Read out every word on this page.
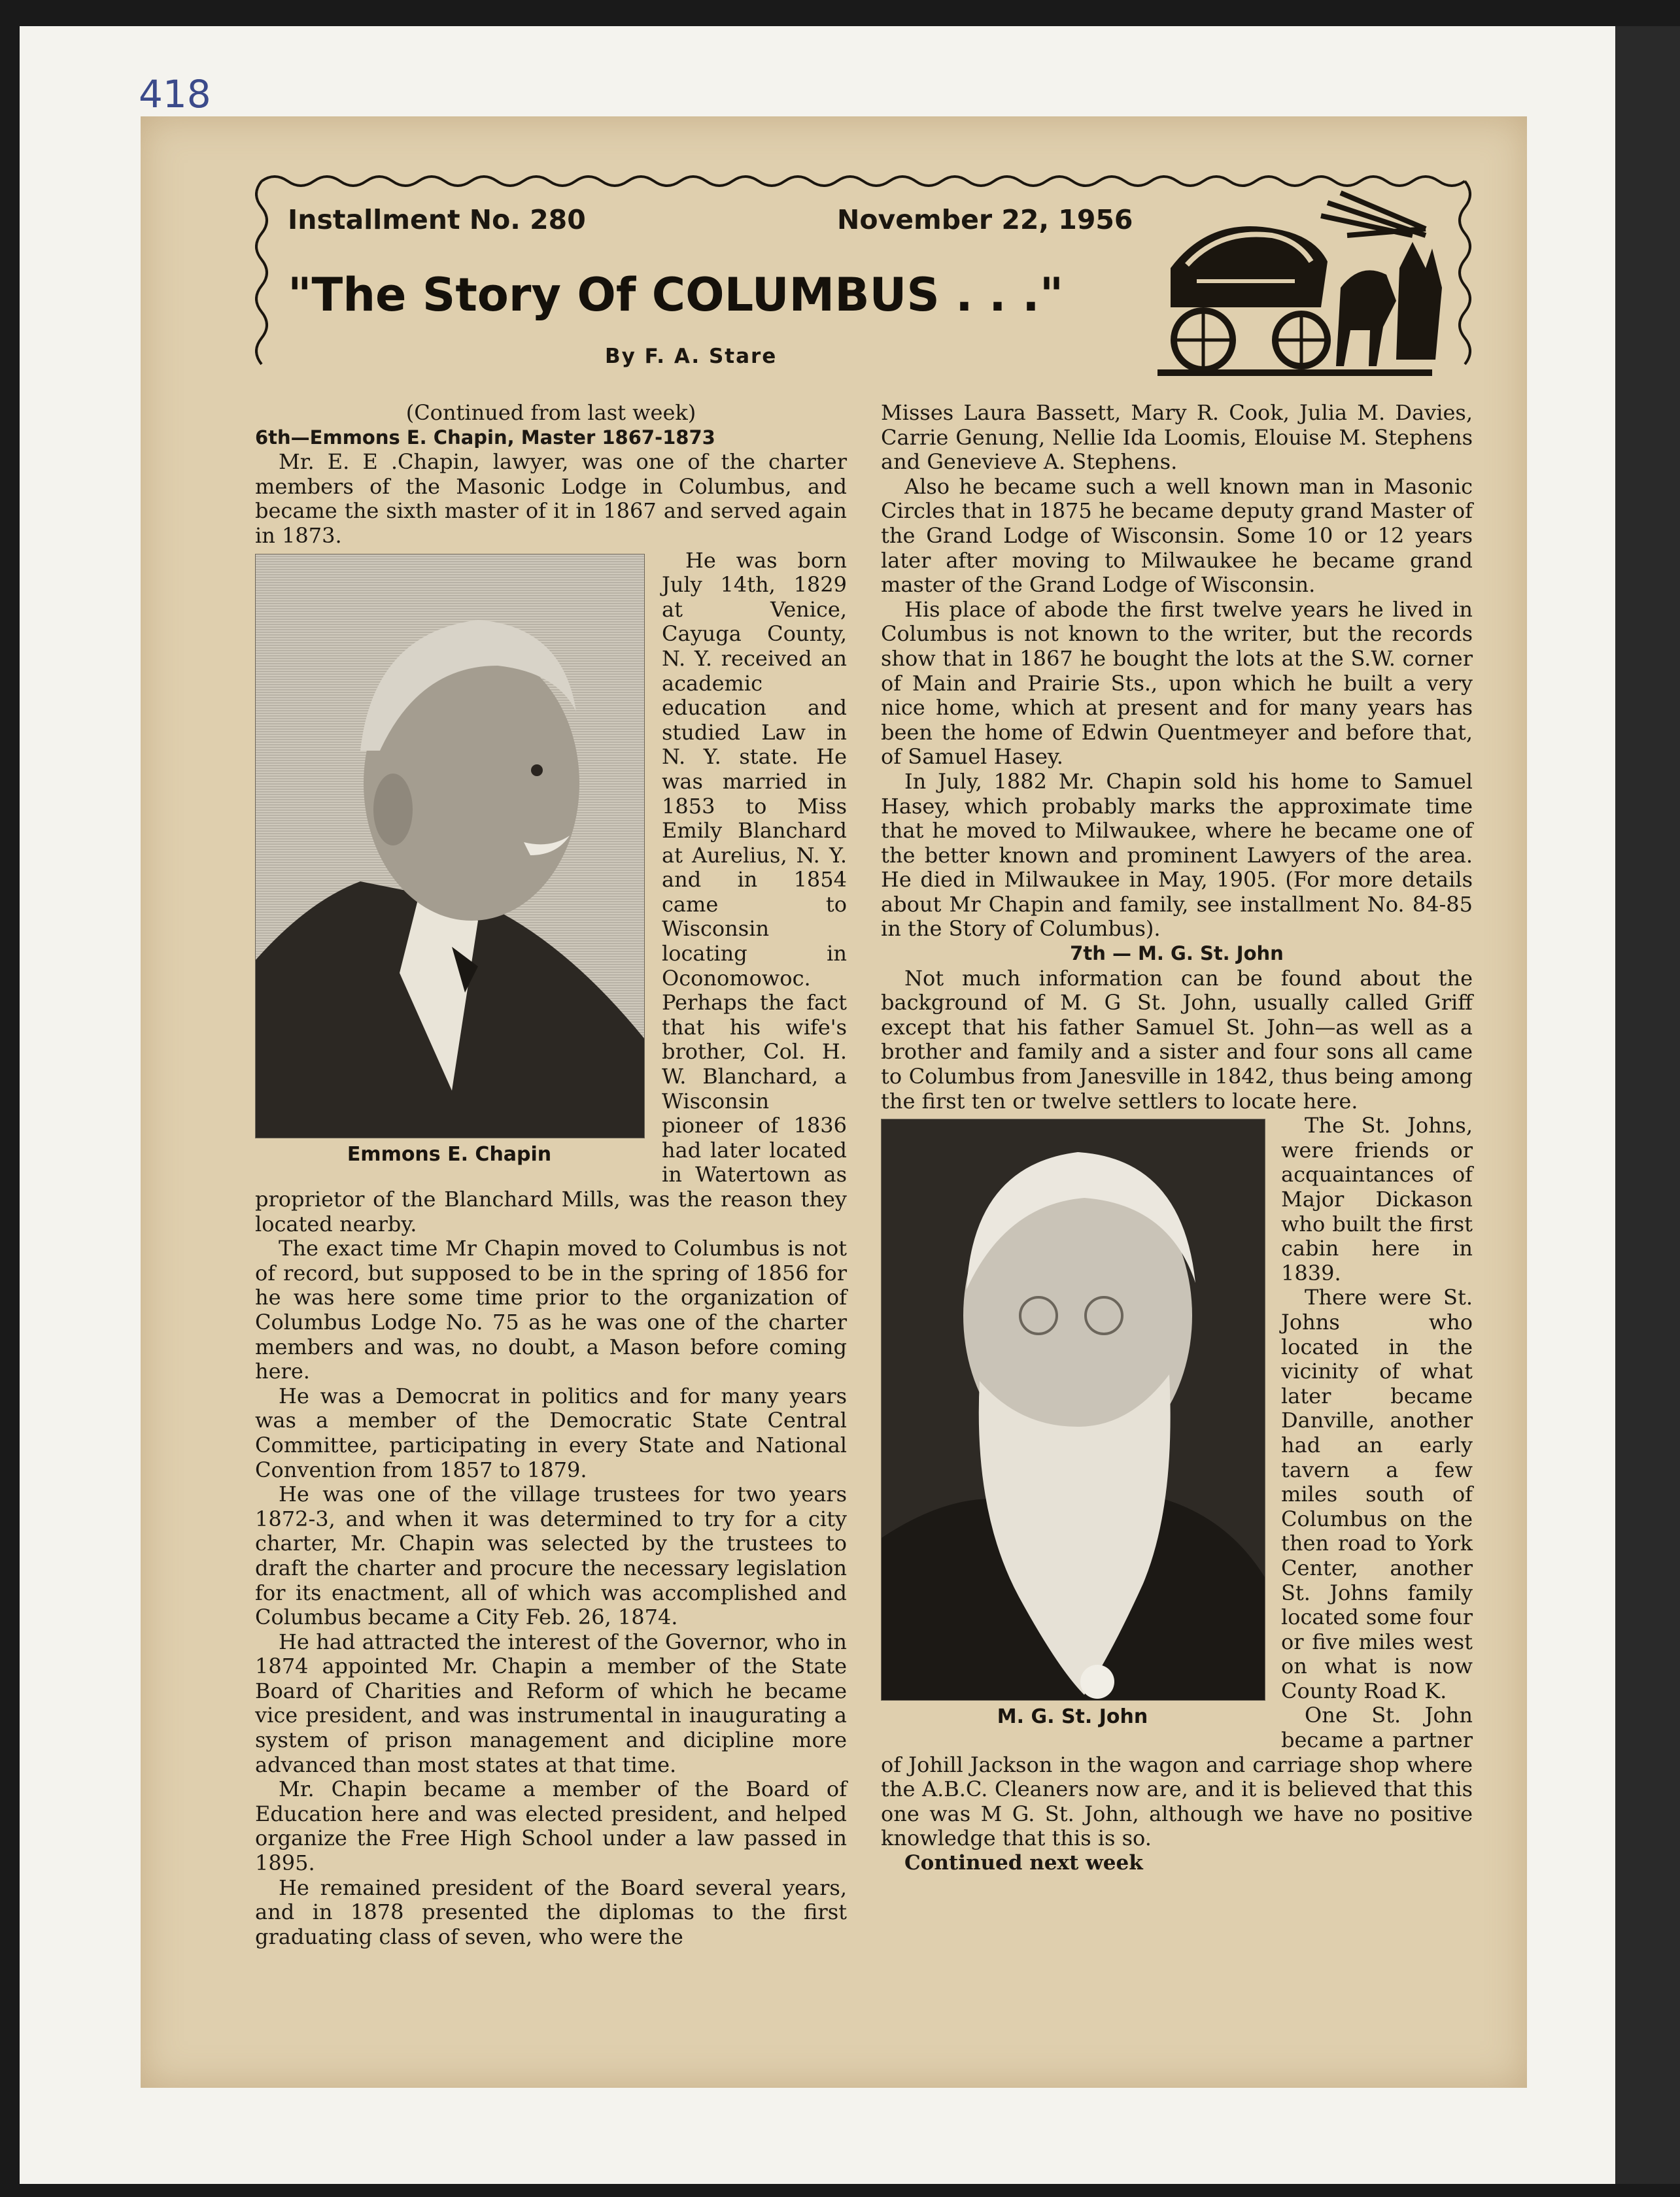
418
Installment No. 280	November 22, 1956
"The Story Of COLUMBUS . . ."
By F. A. Stare

(Continued from last week)

6th—Emmons E. Chapin, Master 1867-1873

Mr. E. E .Chapin, lawyer, was one of the charter members of the Masonic Lodge in Columbus, and became the sixth master of it in 1867 and served again in 1873.

Emmons E. Chapin

He was born July 14th, 1829 at Venice, Cayuga County, N. Y. received an academic education and studied Law in N. Y. state. He was married in 1853 to Miss Emily Blanchard at Aurelius, N. Y. and in 1854 came to Wisconsin locating in Oconomowoc. Perhaps the fact that his wife's brother, Col. H. W. Blanchard, a Wisconsin pioneer of 1836 had later located in Watertown as proprietor of the Blanchard Mills, was the reason they located nearby.

The exact time Mr Chapin moved to Columbus is not of record, but supposed to be in the spring of 1856 for he was here some time prior to the organization of Columbus Lodge No. 75 as he was one of the charter members and was, no doubt, a Mason before coming here.

He was a Democrat in politics and for many years was a member of the Democratic State Central Committee, participating in every State and National Convention from 1857 to 1879.

He was one of the village trustees for two years 1872-3, and when it was determined to try for a city charter, Mr. Chapin was selected by the trustees to draft the charter and procure the necessary legislation for its enactment, all of which was accomplished and Columbus became a City Feb. 26, 1874.

He had attracted the interest of the Governor, who in 1874 appointed Mr. Chapin a member of the State Board of Charities and Reform of which he became vice president, and was instrumental in inaugurating a system of prison management and dicipline more advanced than most states at that time.

Mr. Chapin became a member of the Board of Education here and was elected president, and helped organize the Free High School under a law passed in 1895.

He remained president of the Board several years, and in 1878 presented the diplomas to the first graduating class of seven, who were the

Misses Laura Bassett, Mary R. Cook, Julia M. Davies, Carrie Genung, Nellie Ida Loomis, Elouise M. Stephens and Genevieve A. Stephens.

Also he became such a well known man in Masonic Circles that in 1875 he became deputy grand Master of the Grand Lodge of Wisconsin. Some 10 or 12 years later after moving to Milwaukee he became grand master of the Grand Lodge of Wisconsin.

His place of abode the first twelve years he lived in Columbus is not known to the writer, but the records show that in 1867 he bought the lots at the S.W. corner of Main and Prairie Sts., upon which he built a very nice home, which at present and for many years has been the home of Edwin Quentmeyer and before that, of Samuel Hasey.

In July, 1882 Mr. Chapin sold his home to Samuel Hasey, which probably marks the approximate time that he moved to Milwaukee, where he became one of the better known and prominent Lawyers of the area. He died in Milwaukee in May, 1905. (For more details about Mr Chapin and family, see installment No. 84-85 in the Story of Columbus).

7th — M. G. St. John

Not much information can be found about the background of M. G St. John, usually called Griff except that his father Samuel St. John—as well as a brother and family and a sister and four sons all came to Columbus from Janesville in 1842, thus being among the first ten or twelve settlers to locate here.

M. G. St. John

The St. Johns, were friends or acquaintances of Major Dickason who built the first cabin here in 1839.

There were St. Johns who located in the vicinity of what later became Danville, another had an early tavern a few miles south of Columbus on the then road to York Center, another St. Johns family located some four or five miles west on what is now County Road K.

One St. John became a partner of Johill Jackson in the wagon and carriage shop where the A.B.C. Cleaners now are, and it is believed that this one was M G. St. John, although we have no positive knowledge that this is so.

Continued next week
